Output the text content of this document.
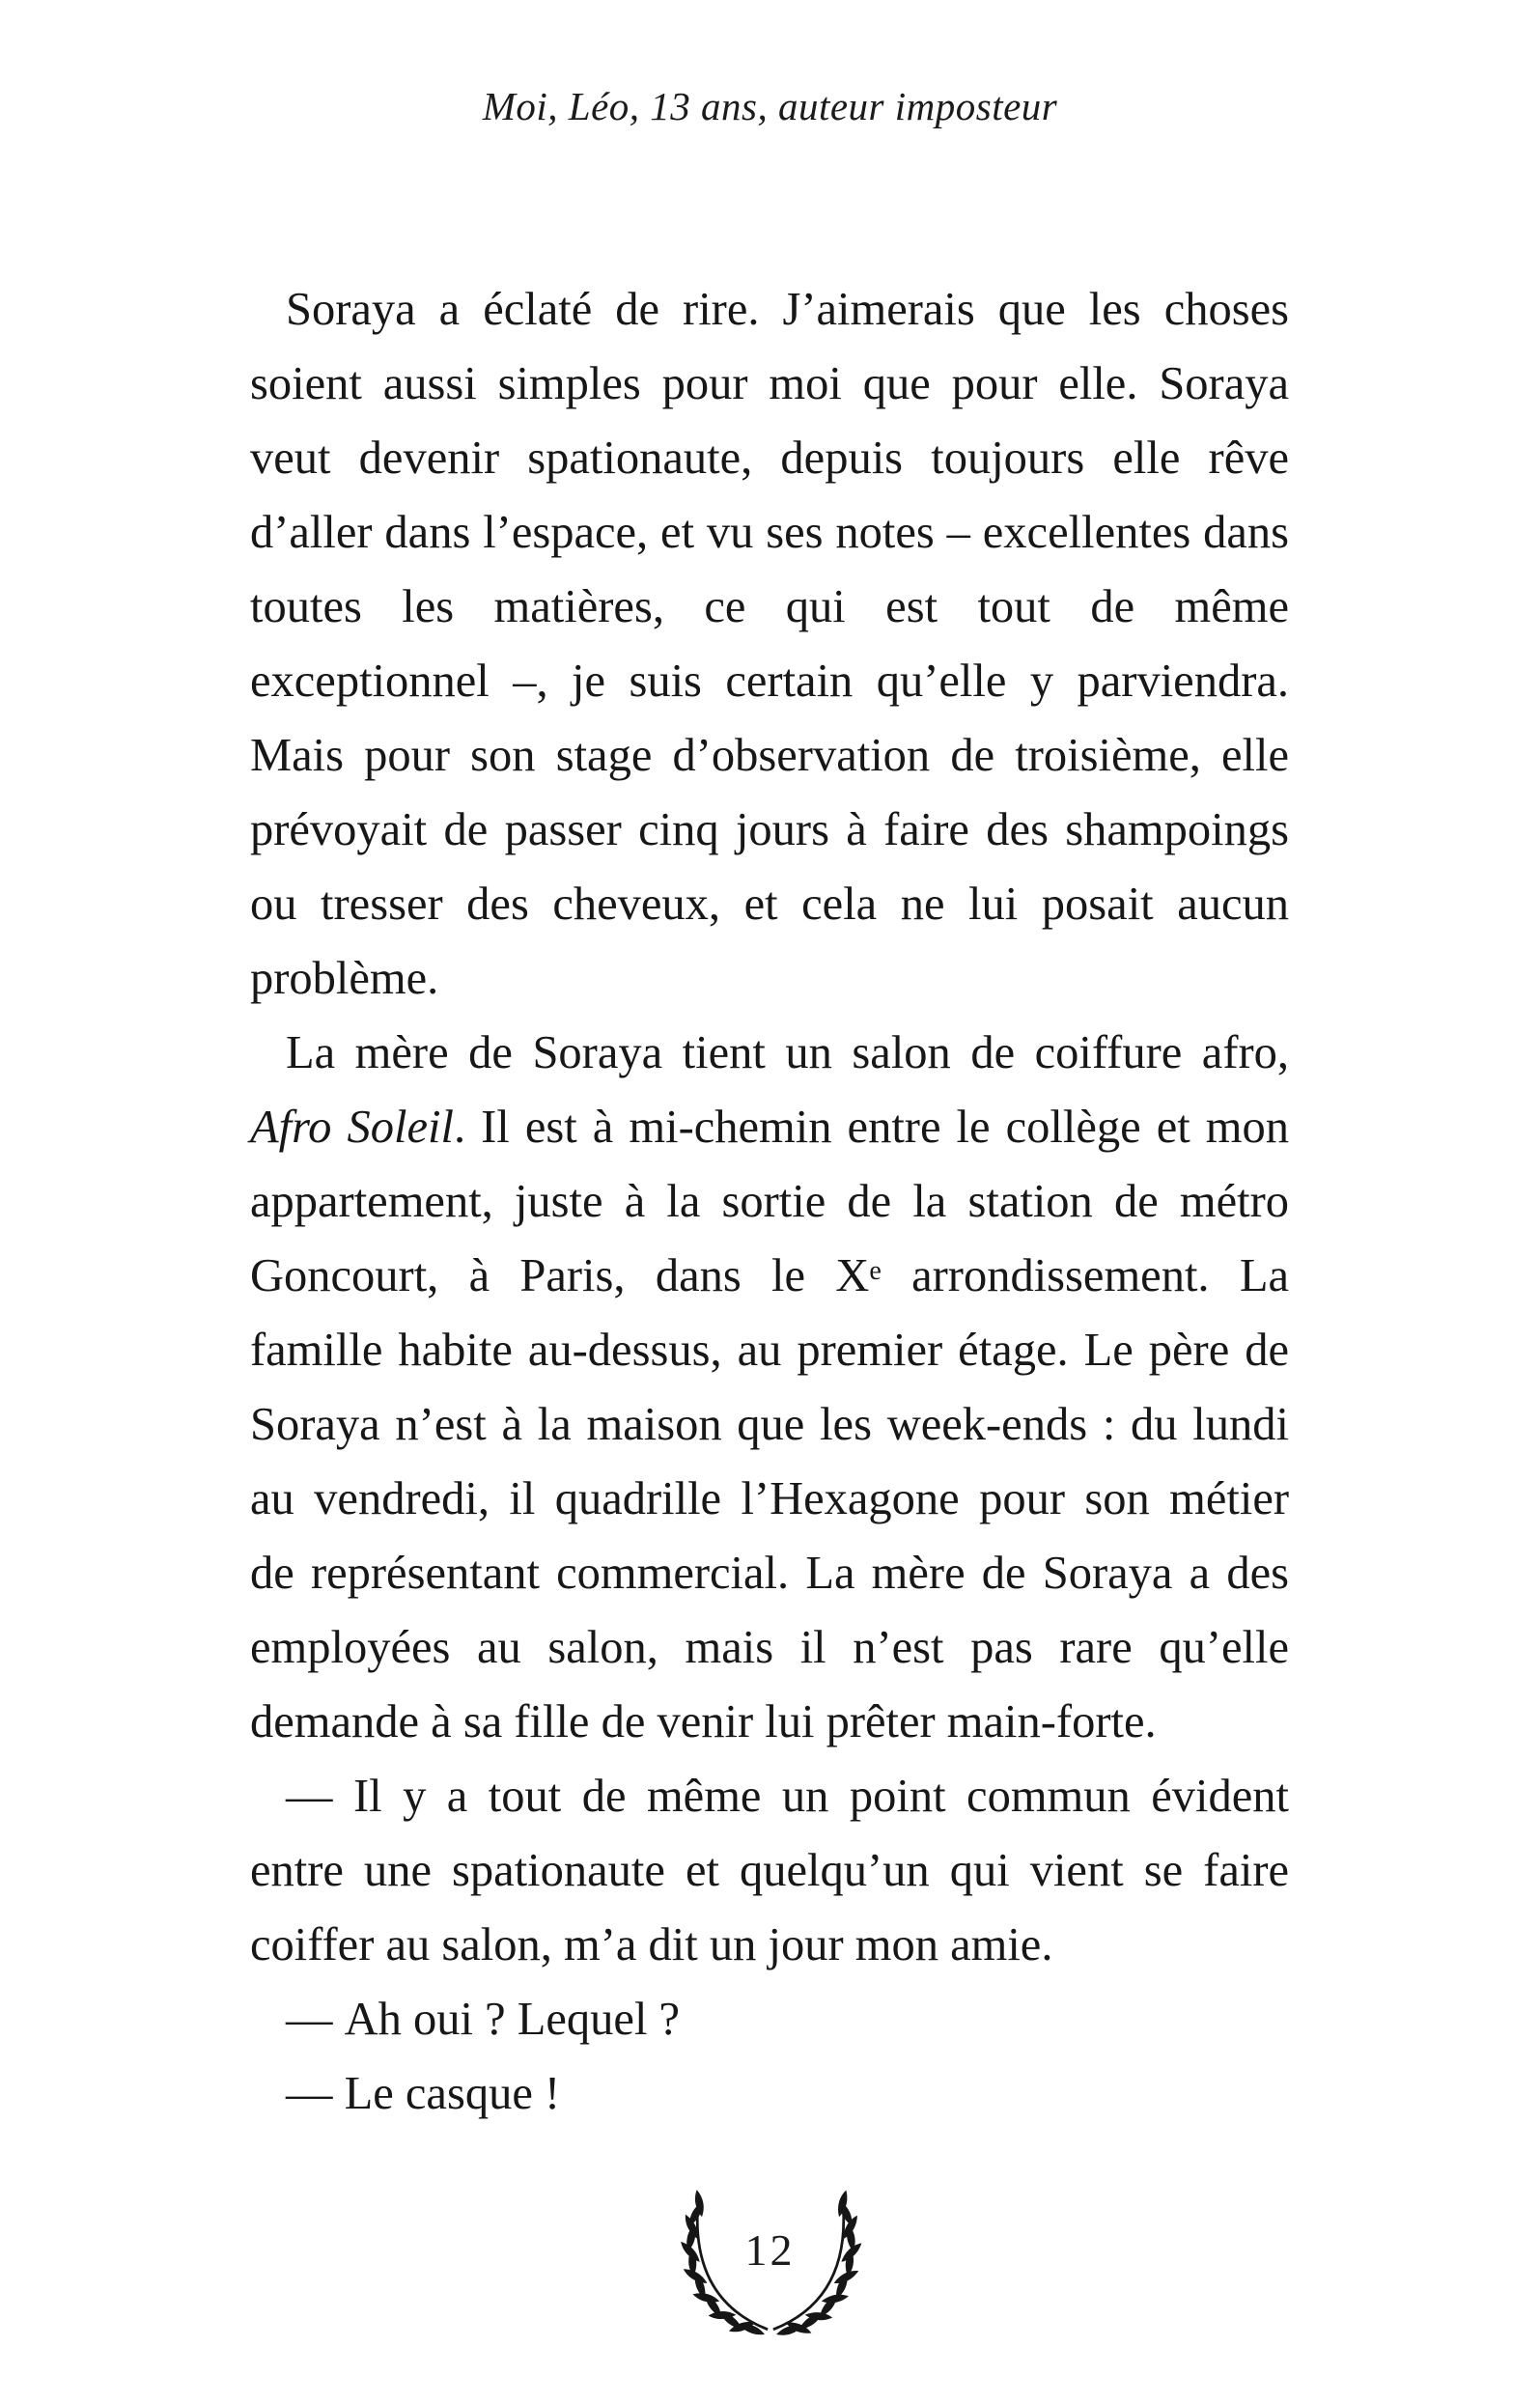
Moi, Léo, 13 ans, auteur imposteur

Soraya a éclaté de rire. J’aimerais que les choses soient aussi simples pour moi que pour elle. Soraya veut devenir spationaute, depuis toujours elle rêve d’aller dans l’espace, et vu ses notes – excellentes dans toutes les matières, ce qui est tout de même exceptionnel –, je suis certain qu’elle y parviendra. Mais pour son stage d’observation de troisième, elle prévoyait de passer cinq jours à faire des shampoings ou tresser des cheveux, et cela ne lui posait aucun problème.

La mère de Soraya tient un salon de coiffure afro, Afro Soleil. Il est à mi-chemin entre le collège et mon appartement, juste à la sortie de la station de métro Goncourt, à Paris, dans le Xe arrondissement. La famille habite au-dessus, au premier étage. Le père de Soraya n’est à la maison que les week-ends : du lundi au vendredi, il quadrille l’Hexagone pour son métier de représentant commercial. La mère de Soraya a des employées au salon, mais il n’est pas rare qu’elle demande à sa fille de venir lui prêter main-forte.

— Il y a tout de même un point commun évident entre une spationaute et quelqu’un qui vient se faire coiffer au salon, m’a dit un jour mon amie.

— Ah oui ? Lequel ?

— Le casque !

12
